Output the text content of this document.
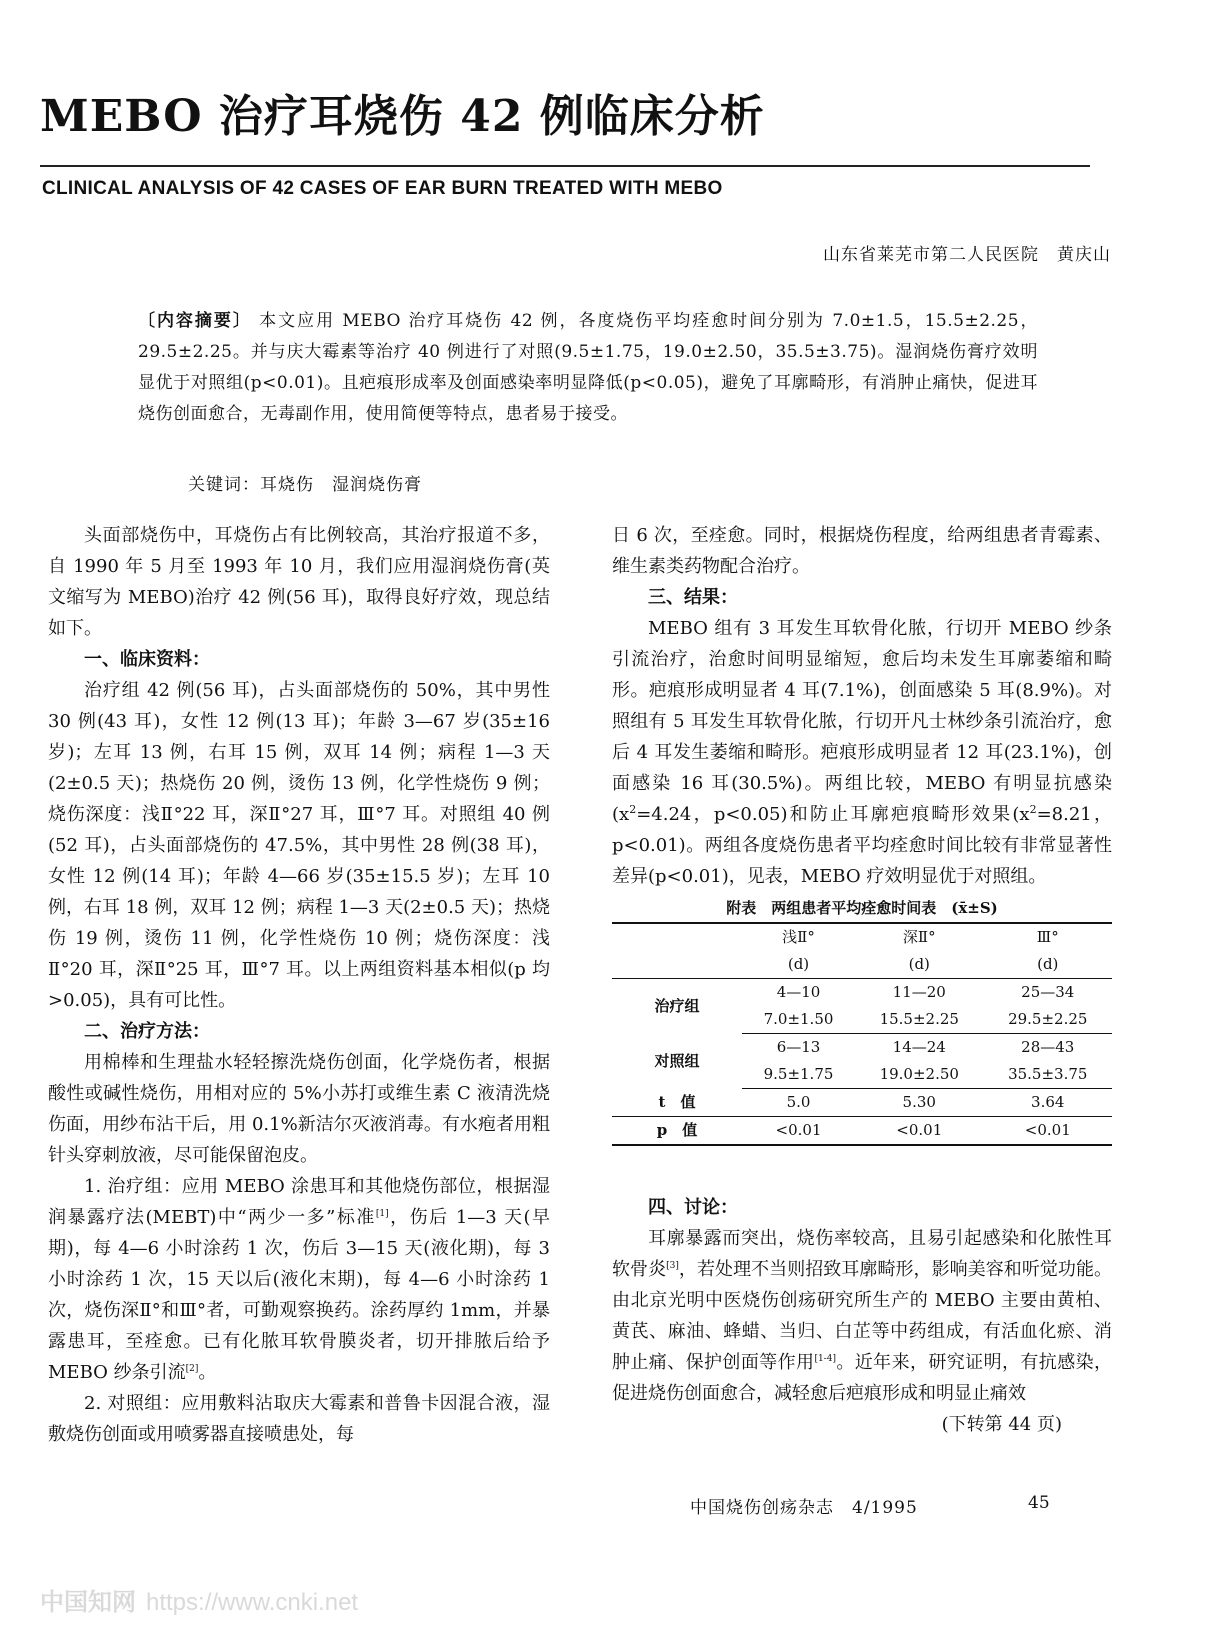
MEBO 治疗耳烧伤 42 例临床分析
CLINICAL ANALYSIS OF 42 CASES OF EAR BURN TREATED WITH MEBO
山东省莱芜市第二人民医院　黄庆山
〔内容摘要〕 本文应用 MEBO 治疗耳烧伤 42 例，各度烧伤平均痊愈时间分别为 7.0±1.5，15.5±2.25，29.5±2.25。并与庆大霉素等治疗 40 例进行了对照(9.5±1.75，19.0±2.50，35.5±3.75)。湿润烧伤膏疗效明显优于对照组(p<0.01)。且疤痕形成率及创面感染率明显降低(p<0.05)，避免了耳廓畸形，有消肿止痛快，促进耳烧伤创面愈合，无毒副作用，使用简便等特点，患者易于接受。
关键词：耳烧伤　湿润烧伤膏

头面部烧伤中，耳烧伤占有比例较高，其治疗报道不多，自 1990 年 5 月至 1993 年 10 月，我们应用湿润烧伤膏(英文缩写为 MEBO)治疗 42 例(56 耳)，取得良好疗效，现总结如下。

一、临床资料：

治疗组 42 例(56 耳)，占头面部烧伤的 50%，其中男性 30 例(43 耳)，女性 12 例(13 耳)；年龄 3—67 岁(35±16 岁)；左耳 13 例，右耳 15 例，双耳 14 例；病程 1—3 天(2±0.5 天)；热烧伤 20 例，烫伤 13 例，化学性烧伤 9 例；烧伤深度：浅Ⅱ°22 耳，深Ⅱ°27 耳，Ⅲ°7 耳。对照组 40 例(52 耳)，占头面部烧伤的 47.5%，其中男性 28 例(38 耳)，女性 12 例(14 耳)；年龄 4—66 岁(35±15.5 岁)；左耳 10 例，右耳 18 例，双耳 12 例；病程 1—3 天(2±0.5 天)；热烧伤 19 例，烫伤 11 例，化学性烧伤 10 例；烧伤深度：浅Ⅱ°20 耳，深Ⅱ°25 耳，Ⅲ°7 耳。以上两组资料基本相似(p 均>0.05)，具有可比性。

二、治疗方法：

用棉棒和生理盐水轻轻擦洗烧伤创面，化学烧伤者，根据酸性或碱性烧伤，用相对应的 5%小苏打或维生素 C 液清洗烧伤面，用纱布沾干后，用 0.1%新洁尔灭液消毒。有水疱者用粗针头穿刺放液，尽可能保留泡皮。

1. 治疗组：应用 MEBO 涂患耳和其他烧伤部位，根据湿润暴露疗法(MEBT)中“两少一多”标准[1]，伤后 1—3 天(早期)，每 4—6 小时涂药 1 次，伤后 3—15 天(液化期)，每 3 小时涂药 1 次，15 天以后(液化末期)，每 4—6 小时涂药 1 次，烧伤深Ⅱ°和Ⅲ°者，可勤观察换药。涂药厚约 1mm，并暴露患耳，至痊愈。已有化脓耳软骨膜炎者，切开排脓后给予 MEBO 纱条引流[2]。

2. 对照组：应用敷料沾取庆大霉素和普鲁卡因混合液，湿敷烧伤创面或用喷雾器直接喷患处，每

日 6 次，至痊愈。同时，根据烧伤程度，给两组患者青霉素、维生素类药物配合治疗。

三、结果：

MEBO 组有 3 耳发生耳软骨化脓，行切开 MEBO 纱条引流治疗，治愈时间明显缩短，愈后均未发生耳廓萎缩和畸形。疤痕形成明显者 4 耳(7.1%)，创面感染 5 耳(8.9%)。对照组有 5 耳发生耳软骨化脓，行切开凡士林纱条引流治疗，愈后 4 耳发生萎缩和畸形。疤痕形成明显者 12 耳(23.1%)，创面感染 16 耳(30.5%)。两组比较，MEBO 有明显抗感染($x^2=4.24$，p<0.05)和防止耳廓疤痕畸形效果($x^2=8.21$，p<0.01)。两组各度烧伤患者平均痊愈时间比较有非常显著性差异(p<0.01)，见表，MEBO 疗效明显优于对照组。

附表　两组患者平均痊愈时间表　(x̄±S)
	浅Ⅱ°	深Ⅱ°	Ⅲ°
	(d)	(d)	(d)
治疗组	4—10	11—20	25—34
	7.0±1.50	15.5±2.25	29.5±2.25
对照组	6—13	14—24	28—43
	9.5±1.75	19.0±2.50	35.5±3.75
t　值	5.0	5.30	3.64
p　值	<0.01	<0.01	<0.01
四、讨论：

耳廓暴露而突出，烧伤率较高，且易引起感染和化脓性耳软骨炎[3]，若处理不当则招致耳廓畸形，影响美容和听觉功能。由北京光明中医烧伤创疡研究所生产的 MEBO 主要由黄柏、黄芪、麻油、蜂蜡、当归、白芷等中药组成，有活血化瘀、消肿止痛、保护创面等作用[1-4]。近年来，研究证明，有抗感染，促进烧伤创面愈合，减轻愈后疤痕形成和明显止痛效

(下转第 44 页)

中国烧伤创疡杂志　4/1995	45
中国知网 https://www.cnki.net
